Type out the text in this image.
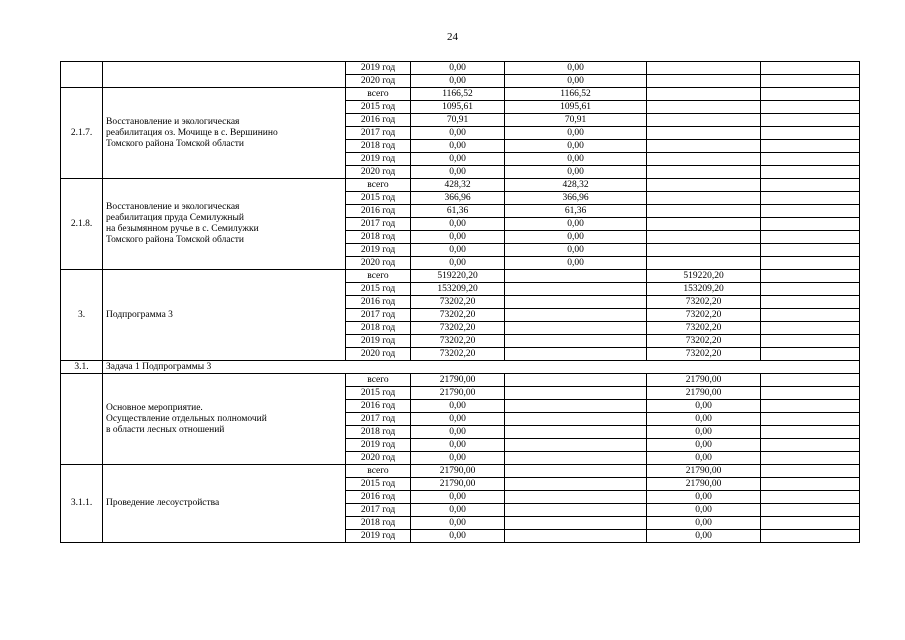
24
		2019 год	0,00	0,00		
		2020 год	0,00	0,00		
2.1.7.	Восстановление и экологическая
реабилитация оз. Мочище в с. Вершинино
Томского района Томской области	всего	1166,52	1166,52		
		2015 год	1095,61	1095,61		
		2016 год	70,91	70,91		
		2017 год	0,00	0,00		
		2018 год	0,00	0,00		
		2019 год	0,00	0,00		
		2020 год	0,00	0,00		
2.1.8.	Восстановление и экологическая
реабилитация пруда Семилужный
на безымянном ручье в с. Семилужки
Томского района Томской области	всего	428,32	428,32		
		2015 год	366,96	366,96		
		2016 год	61,36	61,36		
		2017 год	0,00	0,00		
		2018 год	0,00	0,00		
		2019 год	0,00	0,00		
		2020 год	0,00	0,00		
3.	Подпрограмма 3	всего	519220,20		519220,20	
		2015 год	153209,20		153209,20	
		2016 год	73202,20		73202,20	
		2017 год	73202,20		73202,20	
		2018 год	73202,20		73202,20	
		2019 год	73202,20		73202,20	
		2020 год	73202,20		73202,20	
3.1.	Задача 1 Подпрограммы 3					

	Основное мероприятие.
Осуществление отдельных полномочий
в области лесных отношений	всего	21790,00		21790,00	
		2015 год	21790,00		21790,00	
		2016 год	0,00		0,00	
		2017 год	0,00		0,00	
		2018 год	0,00		0,00	
		2019 год	0,00		0,00	
		2020 год	0,00		0,00	
3.1.1.	Проведение лесоустройства	всего	21790,00		21790,00	
		2015 год	21790,00		21790,00	
		2016 год	0,00		0,00	
		2017 год	0,00		0,00	
		2018 год	0,00		0,00	
		2019 год	0,00		0,00	
